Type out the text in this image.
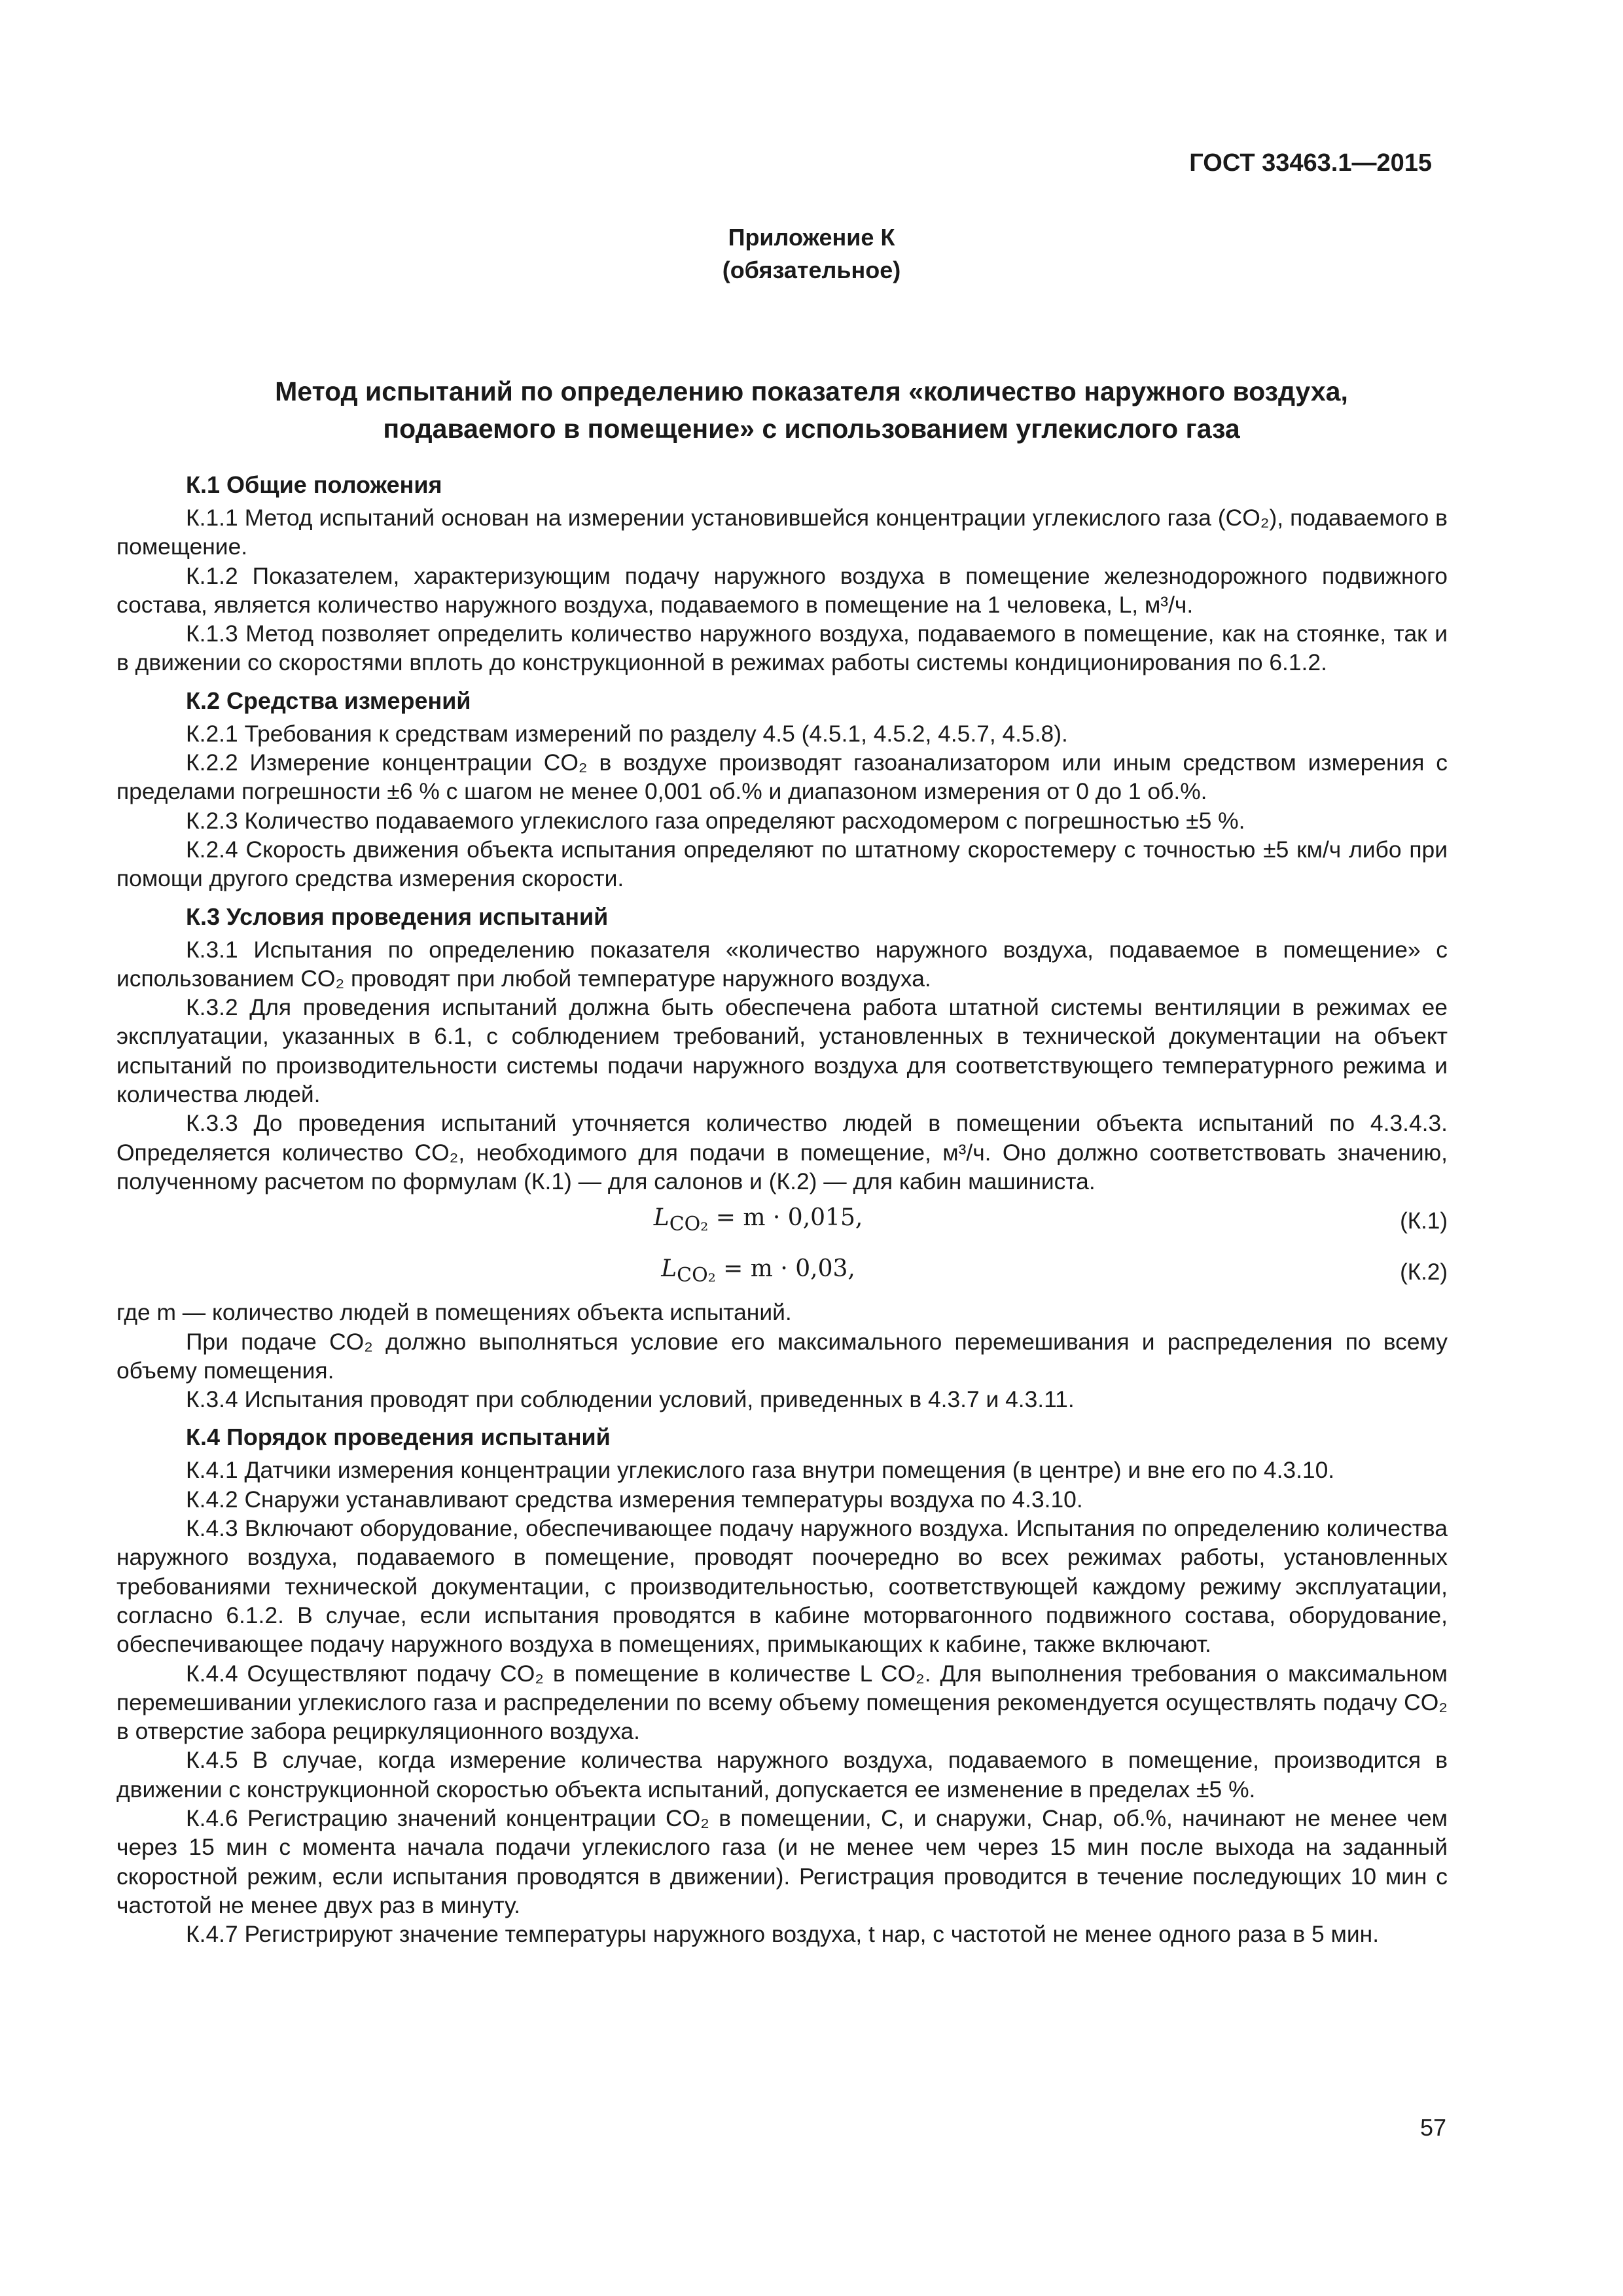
ГОСТ 33463.1—2015
Приложение К
(обязательное)
Метод испытаний по определению показателя «количество наружного воздуха,
подаваемого в помещение» с использованием углекислого газа
К.1 Общие положения

К.1.1 Метод испытаний основан на измерении установившейся концентрации углекислого газа (CO₂), подаваемого в помещение.

К.1.2 Показателем, характеризующим подачу наружного воздуха в помещение железнодорожного подвижного состава, является количество наружного воздуха, подаваемого в помещение на 1 человека, L, м³/ч.

К.1.3 Метод позволяет определить количество наружного воздуха, подаваемого в помещение, как на стоянке, так и в движении со скоростями вплоть до конструкционной в режимах работы системы кондиционирования по 6.1.2.

К.2 Средства измерений

К.2.1 Требования к средствам измерений по разделу 4.5 (4.5.1, 4.5.2, 4.5.7, 4.5.8).

К.2.2 Измерение концентрации CO₂ в воздухе производят газоанализатором или иным средством измерения с пределами погрешности ±6 % с шагом не менее 0,001 об.% и диапазоном измерения от 0 до 1 об.%.

К.2.3 Количество подаваемого углекислого газа определяют расходомером с погрешностью ±5 %.

К.2.4 Скорость движения объекта испытания определяют по штатному скоростемеру с точностью ±5 км/ч либо при помощи другого средства измерения скорости.

К.3 Условия проведения испытаний

К.3.1 Испытания по определению показателя «количество наружного воздуха, подаваемое в помещение» с использованием CO₂ проводят при любой температуре наружного воздуха.

К.3.2 Для проведения испытаний должна быть обеспечена работа штатной системы вентиляции в режимах ее эксплуатации, указанных в 6.1, с соблюдением требований, установленных в технической документации на объект испытаний по производительности системы подачи наружного воздуха для соответствующего температурного режима и количества людей.

К.3.3 До проведения испытаний уточняется количество людей в помещении объекта испытаний по 4.3.4.3. Определяется количество CO₂, необходимого для подачи в помещение, м³/ч. Оно должно соответствовать значению, полученному расчетом по формулам (К.1) — для салонов и (К.2) — для кабин машиниста.

$L_{CO_2} = m \cdot 0,015$,	(К.1)
$L_{CO_2} = m \cdot 0,03$,	(К.2)

где m — количество людей в помещениях объекта испытаний.

При подаче CO₂ должно выполняться условие его максимального перемешивания и распределения по всему объему помещения.

К.3.4 Испытания проводят при соблюдении условий, приведенных в 4.3.7 и 4.3.11.

К.4 Порядок проведения испытаний

К.4.1 Датчики измерения концентрации углекислого газа внутри помещения (в центре) и вне его по 4.3.10.

К.4.2 Снаружи устанавливают средства измерения температуры воздуха по 4.3.10.

К.4.3 Включают оборудование, обеспечивающее подачу наружного воздуха. Испытания по определению количества наружного воздуха, подаваемого в помещение, проводят поочередно во всех режимах работы, установленных требованиями технической документации, с производительностью, соответствующей каждому режиму эксплуатации, согласно 6.1.2. В случае, если испытания проводятся в кабине моторвагонного подвижного состава, оборудование, обеспечивающее подачу наружного воздуха в помещениях, примыкающих к кабине, также включают.

К.4.4 Осуществляют подачу CO₂ в помещение в количестве L CO₂. Для выполнения требования о максимальном перемешивании углекислого газа и распределении по всему объему помещения рекомендуется осуществлять подачу CO₂ в отверстие забора рециркуляционного воздуха.

К.4.5 В случае, когда измерение количества наружного воздуха, подаваемого в помещение, производится в движении с конструкционной скоростью объекта испытаний, допускается ее изменение в пределах ±5 %.

К.4.6 Регистрацию значений концентрации CO₂ в помещении, C, и снаружи, Cнар, об.%, начинают не менее чем через 15 мин с момента начала подачи углекислого газа (и не менее чем через 15 мин после выхода на заданный скоростной режим, если испытания проводятся в движении). Регистрация проводится в течение последующих 10 мин с частотой не менее двух раз в минуту.

К.4.7 Регистрируют значение температуры наружного воздуха, t нар, с частотой не менее одного раза в 5 мин.

57
